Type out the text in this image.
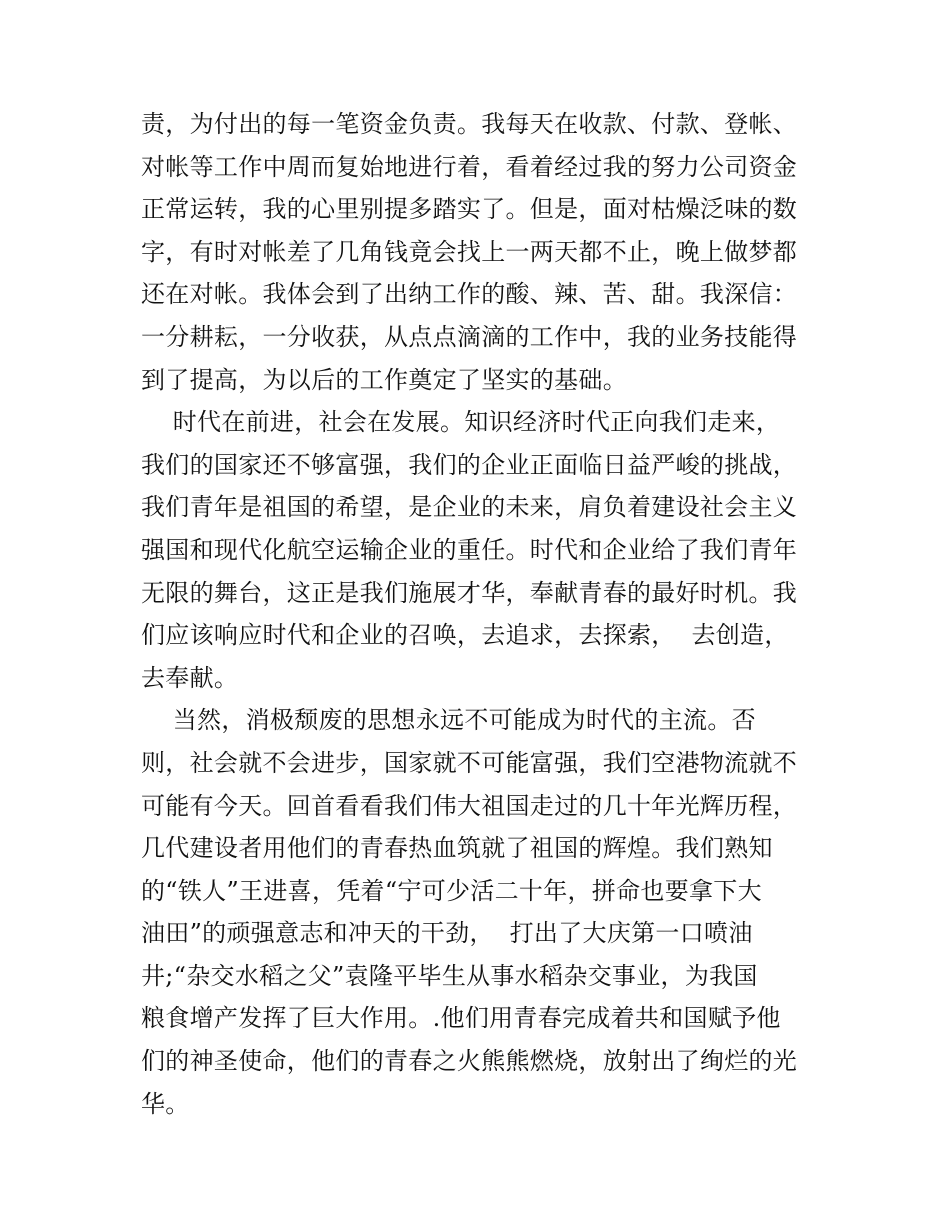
责，为付出的每一笔资金负责。我每天在收款、付款、登帐、
对帐等工作中周而复始地进行着，看着经过我的努力公司资金
正常运转，我的心里别提多踏实了。但是，面对枯燥泛味的数
字，有时对帐差了几角钱竟会找上一两天都不止，晚上做梦都
还在对帐。我体会到了出纳工作的酸、辣、苦、甜。我深信：
一分耕耘，一分收获，从点点滴滴的工作中，我的业务技能得
到了提高，为以后的工作奠定了坚实的基础。
时代在前进，社会在发展。知识经济时代正向我们走来，
我们的国家还不够富强，我们的企业正面临日益严峻的挑战，
我们青年是祖国的希望，是企业的未来，肩负着建设社会主义
强国和现代化航空运输企业的重任。时代和企业给了我们青年
无限的舞台，这正是我们施展才华，奉献青春的最好时机。我
们应该响应时代和企业的召唤，去追求，去探索，  去创造，
去奉献。
当然，消极颓废的思想永远不可能成为时代的主流。否
则，社会就不会进步，国家就不可能富强，我们空港物流就不
可能有今天。回首看看我们伟大祖国走过的几十年光辉历程，
几代建设者用他们的青春热血筑就了祖国的辉煌。我们熟知
的“铁人”王进喜，凭着“宁可少活二十年，拼命也要拿下大
油田”的顽强意志和冲天的干劲，  打出了大庆第一口喷油
井;“杂交水稻之父”袁隆平毕生从事水稻杂交事业，为我国
粮食增产发挥了巨大作用。.他们用青春完成着共和国赋予他
们的神圣使命，他们的青春之火熊熊燃烧，放射出了绚烂的光
华。
